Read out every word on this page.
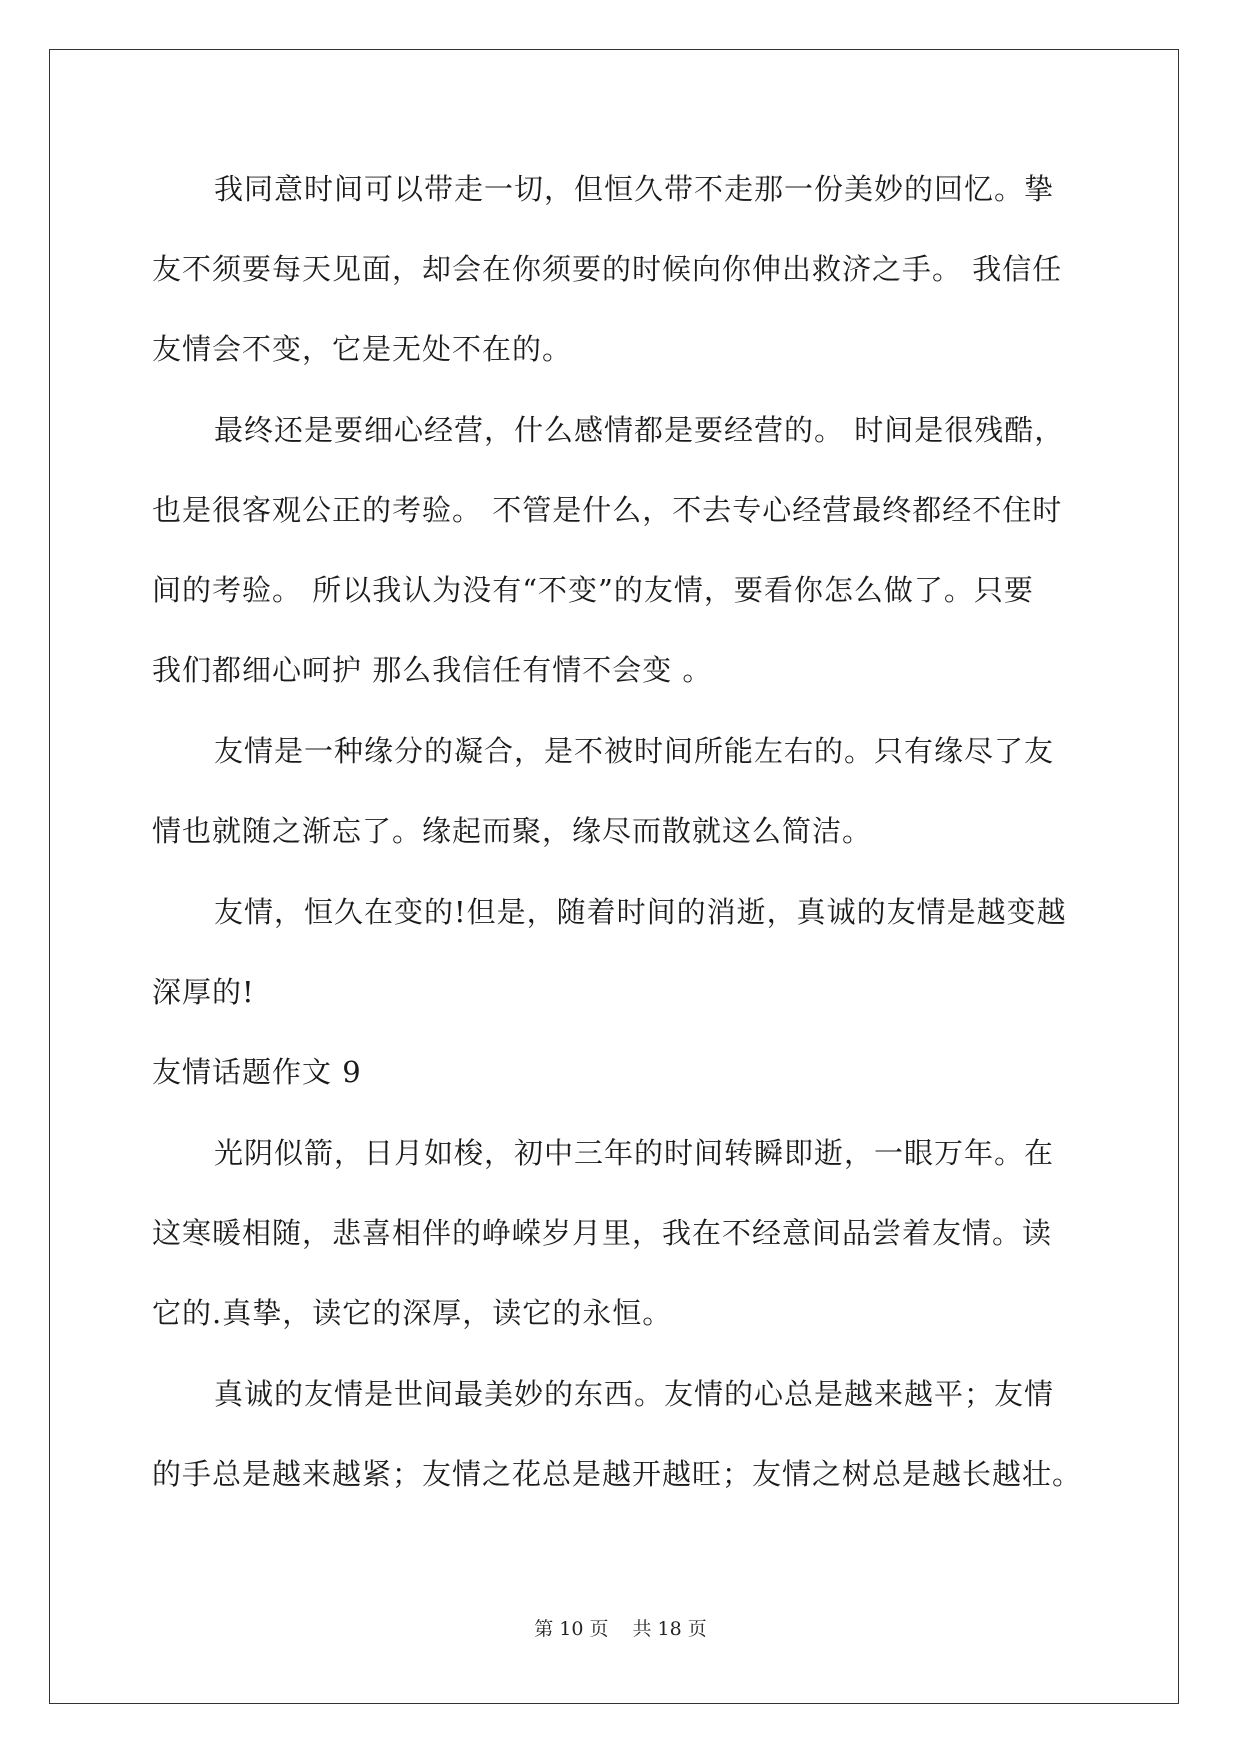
我同意时间可以带走一切，但恒久带不走那一份美妙的回忆。挚
友不须要每天见面，却会在你须要的时候向你伸出救济之手。 我信任
友情会不变，它是无处不在的。
最终还是要细心经营，什么感情都是要经营的。 时间是很残酷，
也是很客观公正的考验。 不管是什么，不去专心经营最终都经不住时
间的考验。 所以我认为没有“不变”的友情，要看你怎么做了。只要
我们都细心呵护 那么我信任有情不会变 。
友情是一种缘分的凝合，是不被时间所能左右的。只有缘尽了友
情也就随之渐忘了。缘起而聚，缘尽而散就这么简洁。
友情，恒久在变的!但是，随着时间的消逝，真诚的友情是越变越
深厚的!
友情话题作文 9
光阴似箭，日月如梭，初中三年的时间转瞬即逝，一眼万年。在
这寒暖相随，悲喜相伴的峥嵘岁月里，我在不经意间品尝着友情。读
它的.真挚，读它的深厚，读它的永恒。
真诚的友情是世间最美妙的东西。友情的心总是越来越平；友情
的手总是越来越紧；友情之花总是越开越旺；友情之树总是越长越壮。
第 10 页 共 18 页
